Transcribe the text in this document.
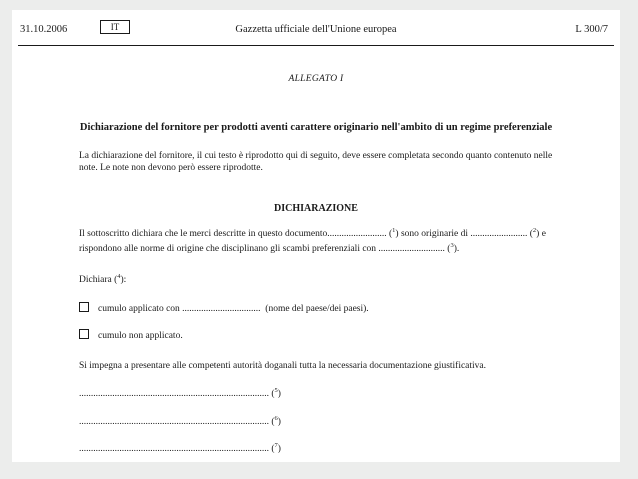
31.10.2006	IT	Gazzetta ufficiale dell'Unione europea	L 300/7
ALLEGATO I
Dichiarazione del fornitore per prodotti aventi carattere originario nell'ambito di un regime preferenziale
La dichiarazione del fornitore, il cui testo è riprodotto qui di seguito, deve essere completata secondo quanto contenuto nelle note. Le note non devono però essere riprodotte.
DICHIARAZIONE
Il sottoscritto dichiara che le merci descritte in questo documento......................... ($^1$) sono originarie di ........................ ($^2$) e rispondono alle norme di origine che disciplinano gli scambi preferenziali con ............................ ($^3$).
Dichiara ($^4$):
cumulo applicato con ................................. (nome del paese/dei paesi).
cumulo non applicato.
Si impegna a presentare alle competenti autorità doganali tutta la necessaria documentazione giustificativa.
................................................................................ ($^5$)
................................................................................ ($^6$)
................................................................................ ($^7$)
